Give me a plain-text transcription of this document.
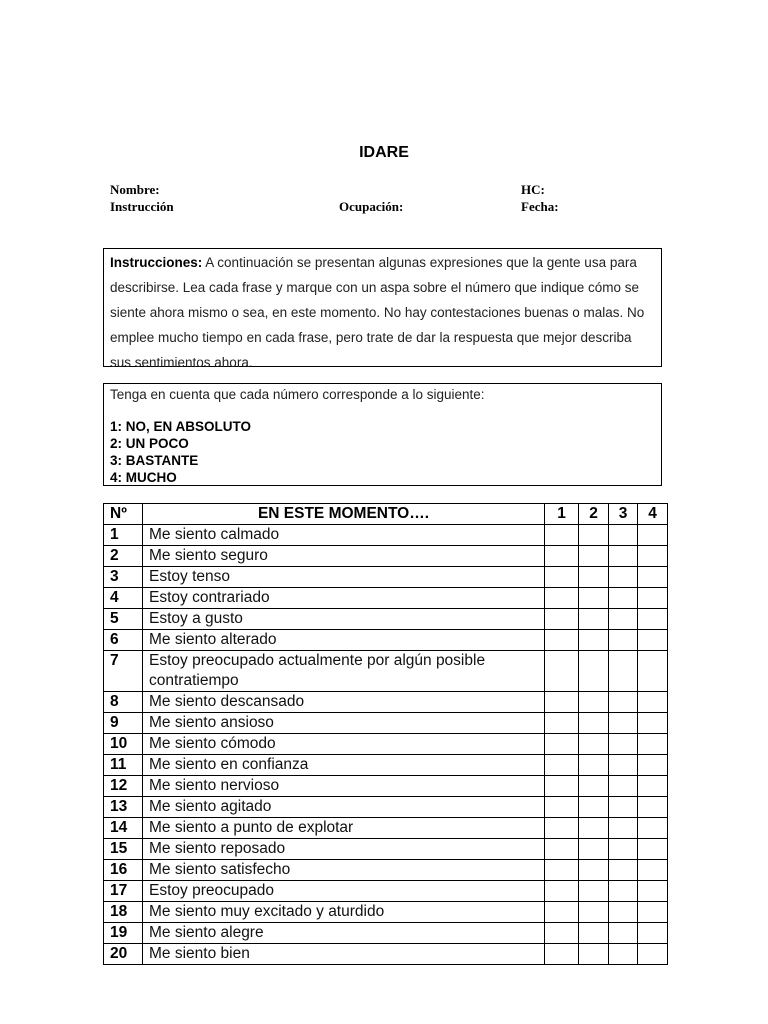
IDARE
Nombre:	HC:
Instrucción	Ocupación:	Fecha:
Instrucciones: A continuación se presentan algunas expresiones que la gente usa para describirse. Lea cada frase y marque con un aspa sobre el número que indique cómo se siente ahora mismo o sea, en este momento. No hay contestaciones buenas o malas. No emplee mucho tiempo en cada frase, pero trate de dar la respuesta que mejor describa sus sentimientos ahora.
Tenga en cuenta que cada número corresponde a lo siguiente:
1: NO, EN ABSOLUTO
2: UN POCO
3: BASTANTE
4: MUCHO
Nº	EN ESTE MOMENTO….	1	2	3	4
1	Me siento calmado				
2	Me siento seguro				
3	Estoy tenso				
4	Estoy contrariado				
5	Estoy a gusto				
6	Me siento alterado				
7	Estoy preocupado actualmente por algún posible contratiempo				
8	Me siento descansado				
9	Me siento ansioso				
10	Me siento cómodo				
11	Me siento en confianza				
12	Me siento nervioso				
13	Me siento agitado				
14	Me siento a punto de explotar				
15	Me siento reposado				
16	Me siento satisfecho				
17	Estoy preocupado				
18	Me siento muy excitado y aturdido				
19	Me siento alegre				
20	Me siento bien				
